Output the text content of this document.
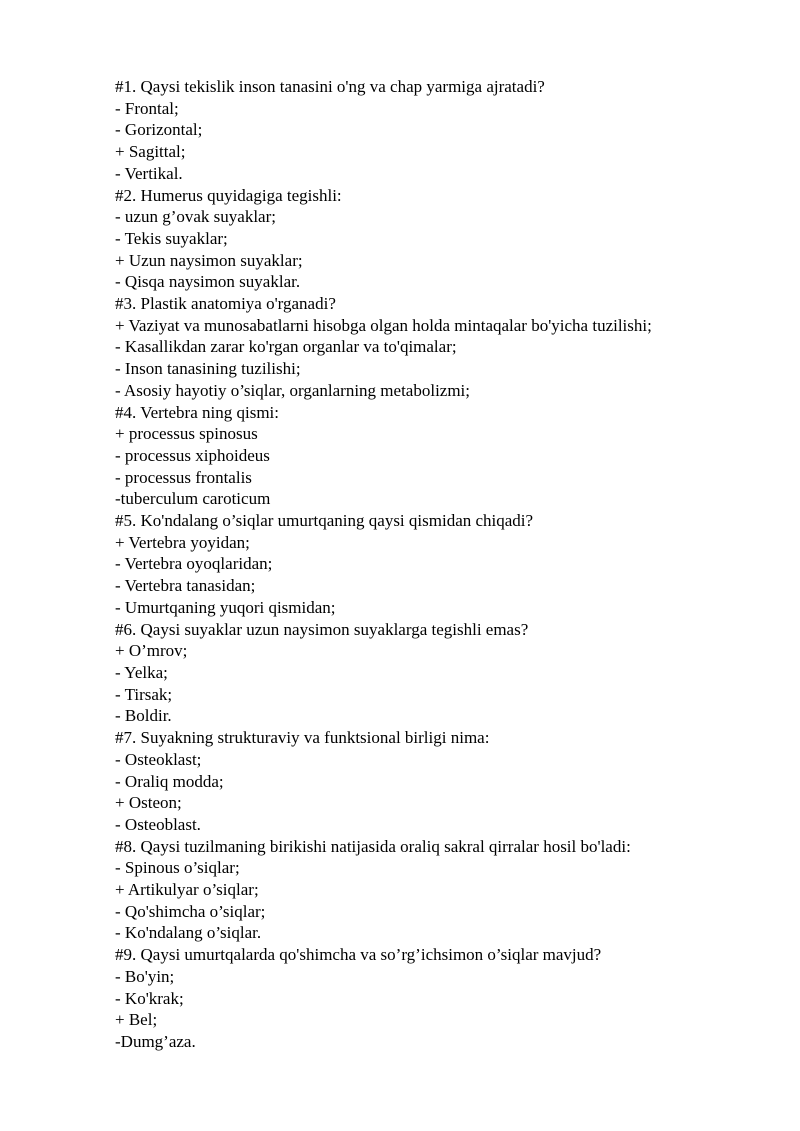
#1. Qaysi tekislik inson tanasini o'ng va chap yarmiga ajratadi?
- Frontal;
- Gorizontal;
+ Sagittal;
- Vertikal.
#2. Humerus quyidagiga tegishli:
- uzun g’ovak suyaklar;
- Tekis suyaklar;
+ Uzun naysimon suyaklar;
- Qisqa naysimon suyaklar.
#3. Plastik anatomiya o'rganadi?
+ Vaziyat va munosabatlarni hisobga olgan holda mintaqalar bo'yicha tuzilishi;
- Kasallikdan zarar ko'rgan organlar va to'qimalar;
- Inson tanasining tuzilishi;
- Asosiy hayotiy o’siqlar, organlarning metabolizmi;
#4. Vertebra ning qismi:
+ processus spinosus
- processus xiphoideus
- processus frontalis
-tuberculum caroticum
#5. Ko'ndalang o’siqlar umurtqaning qaysi qismidan chiqadi?
+ Vertebra yoyidan;
- Vertebra oyoqlaridan;
- Vertebra tanasidan;
- Umurtqaning yuqori qismidan;
#6. Qaysi suyaklar uzun naysimon suyaklarga tegishli emas?
+ O’mrov;
- Yelka;
- Tirsak;
- Boldir.
#7. Suyakning strukturaviy va funktsional birligi nima:
- Osteoklast;
- Oraliq modda;
+ Osteon;
- Osteoblast.
#8. Qaysi tuzilmaning birikishi natijasida oraliq sakral qirralar hosil bo'ladi:
- Spinous o’siqlar;
+ Artikulyar o’siqlar;
- Qo'shimcha o’siqlar;
- Ko'ndalang o’siqlar.
#9. Qaysi umurtqalarda qo'shimcha va so’rg’ichsimon o’siqlar mavjud?
- Bo'yin;
- Ko'krak;
+ Bel;
-Dumg’aza.
